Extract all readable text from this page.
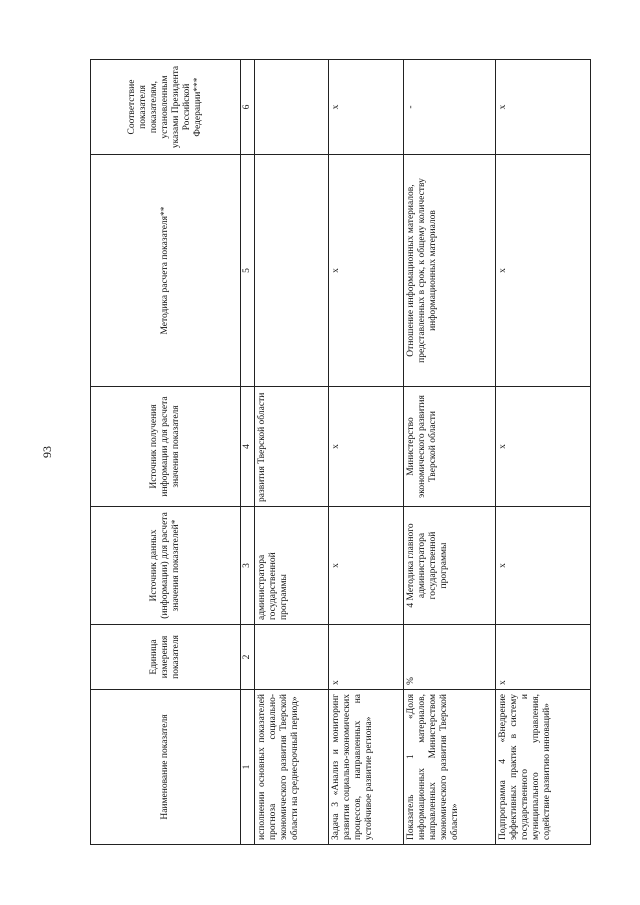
93
Наименование показателя	Единица измерения показателя	Источник данных (информации) для расчета значения показателей*	Источник получения информации для расчета значения показателя	Методика расчета показателя**	Соответствие показателя показателям, установленным указами Президента Российской Федерации***
1	2	3	4	5	6
исполнении основных показателей прогноза социально-экономического развития Тверской области на среднесрочный период»		администратора государственной программы	развития Тверской области		
Задача 3 «Анализ и мониторинг развития социально-экономических процессов, направленных на устойчивое развитие региона»	x	x	x	x	x
Показатель 1 «Доля информационных материалов, направленных Министерством экономического развития Тверской области»	%	4 Методика главного администратора государственной программы	Министерство экономического развития Тверской области	Отношение информационных материалов, представленных в срок, к общему количеству информационных материалов	-
Подпрограмма 4 «Внедрение эффективных практик в систему государственного и муниципального управления, содействие развитию инноваций»	x	x	x	x	x
